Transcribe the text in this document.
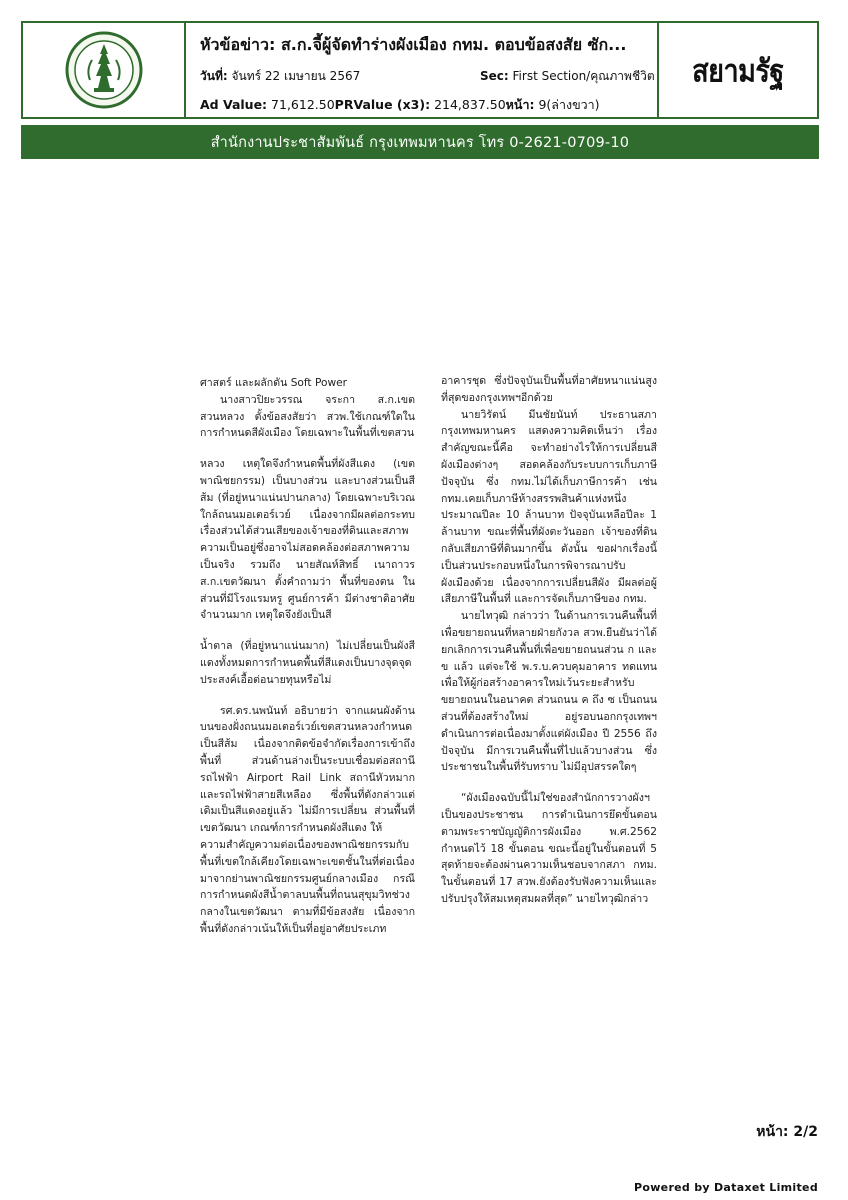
หัวข้อข่าว: ส.ก.จี้ผู้จัดทำร่างผังเมือง กทม. ตอบข้อสงสัย ซัก...
วันที่: จันทร์ 22 เมษายน 2567	Sec: First Section/คุณภาพชีวิต
Ad Value: 71,612.50PRValue (x3): 214,837.50หน้า: 9(ล่างขวา)
สยามรัฐ
สำนักงานประชาสัมพันธ์ กรุงเทพมหานคร โทร 0-2621-0709-10

ศาสตร์ และผลักดัน Soft Power

นางสาวปิยะวรรณ จระกา ส.ก.เขตสวนหลวง ตั้งข้อสงสัยว่า สวพ.ใช้เกณฑ์ใดในการกำหนดสีผังเมือง โดยเฉพาะในพื้นที่เขตสวน

หลวง เหตุใดจึงกำหนดพื้นที่ผังสีแดง (เขตพาณิชยกรรม) เป็นบางส่วน และบางส่วนเป็นสีส้ม (ที่อยู่หนาแน่นปานกลาง) โดยเฉพาะบริเวณใกล้ถนนมอเตอร์เวย์ เนื่องจากมีผลต่อกระทบเรื่องส่วนได้ส่วนเสียของเจ้าของที่ดินและสภาพความเป็นอยู่ซึ่งอาจไม่สอดคล้องต่อสภาพความเป็นจริง รวมถึง นายสัณห์สิทธิ์ เนาถาวร ส.ก.เขตวัฒนา ตั้งคำถามว่า พื้นที่ของตน ในส่วนที่มีโรงแรมหรู ศูนย์การค้า มีต่างชาติอาศัยจำนวนมาก เหตุใดจึงยังเป็นสี

น้ำตาล (ที่อยู่หนาแน่นมาก) ไม่เปลี่ยนเป็นผังสีแดงทั้งหมดการกำหนดพื้นที่สีแดงเป็นบางจุดจุดประสงค์เอื้อต่อนายทุนหรือไม่

รศ.ดร.นพนันท์ อธิบายว่า จากแผนผังด้านบนของฝั่งถนนมอเตอร์เวย์เขตสวนหลวงกำหนดเป็นสีส้ม เนื่องจากติดข้อจำกัดเรื่องการเข้าถึงพื้นที่ ส่วนด้านล่างเป็นระบบเชื่อมต่อสถานีรถไฟฟ้า Airport Rail Link สถานีหัวหมาก และรถไฟฟ้าสายสีเหลือง ซึ่งพื้นที่ดังกล่าวแต่เดิมเป็นสีแดงอยู่แล้ว ไม่มีการเปลี่ยน ส่วนพื้นที่เขตวัฒนา เกณฑ์การกำหนดผังสีแดง ให้

ความสำคัญความต่อเนื่องของพาณิชยกรรมกับพื้นที่เขตใกล้เคียงโดยเฉพาะเขตชั้นในที่ต่อเนื่องมาจากย่านพาณิชยกรรมศูนย์กลางเมือง กรณีการกำหนดผังสีน้ำตาลบนพื้นที่ถนนสุขุมวิทช่วงกลางในเขตวัฒนา ตามที่มีข้อสงสัย เนื่องจากพื้นที่ดังกล่าวเน้นให้เป็นที่อยู่อาศัยประเภท

อาคารชุด ซึ่งปัจจุบันเป็นพื้นที่อาศัยหนาแน่นสูงที่สุดของกรุงเทพฯอีกด้วย

นายวิรัตน์ มีนชัยนันท์ ประธานสภากรุงเทพมหานคร แสดงความคิดเห็นว่า เรื่องสำคัญขณะนี้คือ จะทำอย่างไรให้การเปลี่ยนสีผังเมืองต่างๆ สอดคล้องกับระบบการเก็บภาษีปัจจุบัน ซึ่ง กทม.ไม่ได้เก็บภาษีการค้า เช่น กทม.เคยเก็บภาษีห้างสรรพสินค้าแห่งหนึ่งประมาณปีละ 10 ล้านบาท ปัจจุบันเหลือปีละ 1 ล้านบาท ขณะที่พื้นที่ผังตะวันออก เจ้าของที่ดินกลับเสียภาษีที่ดินมากขึ้น ดังนั้น ขอฝากเรื่องนี้เป็นส่วนประกอบหนึ่งในการพิจารณาปรับผังเมืองด้วย เนื่องจากการเปลี่ยนสีผัง มีผลต่อผู้เสียภาษีในพื้นที่ และการจัดเก็บภาษีของ กทม.

นายไทวุฒิ กล่าวว่า ในด้านการเวนคืนพื้นที่เพื่อขยายถนนที่หลายฝ่ายกังวล สวพ.ยืนยันว่าได้ยกเลิกการเวนคืนพื้นที่เพื่อขยายถนนส่วน ก และ ข แล้ว แต่จะใช้ พ.ร.บ.ควบคุมอาคาร ทดแทน เพื่อให้ผู้ก่อสร้างอาคารใหม่เว้นระยะสำหรับขยายถนนในอนาคต ส่วนถนน ค ถึง ซ เป็นถนนส่วนที่ต้องสร้างใหม่ อยู่รอบนอกกรุงเทพฯ ดำเนินการต่อเนื่องมาตั้งแต่ผังเมือง ปี 2556 ถึงปัจจุบัน มีการเวนคืนพื้นที่ไปแล้วบางส่วน ซึ่งประชาชนในพื้นที่รับทราบ ไม่มีอุปสรรคใดๆ

“ผังเมืองฉบับนี้ไม่ใช่ของสำนักการวางผังฯ เป็นของประชาชน การดำเนินการยึดขั้นตอนตามพระราชบัญญัติการผังเมือง พ.ศ.2562 กำหนดไว้ 18 ขั้นตอน ขณะนี้อยู่ในขั้นตอนที่ 5 สุดท้ายจะต้องผ่านความเห็นชอบจากสภา กทม. ในขั้นตอนที่ 17 สวพ.ยังต้องรับฟังความเห็นและปรับปรุงให้สมเหตุสมผลที่สุด” นายไทวุฒิกล่าว

หน้า: 2/2
Powered by Dataxet Limited
